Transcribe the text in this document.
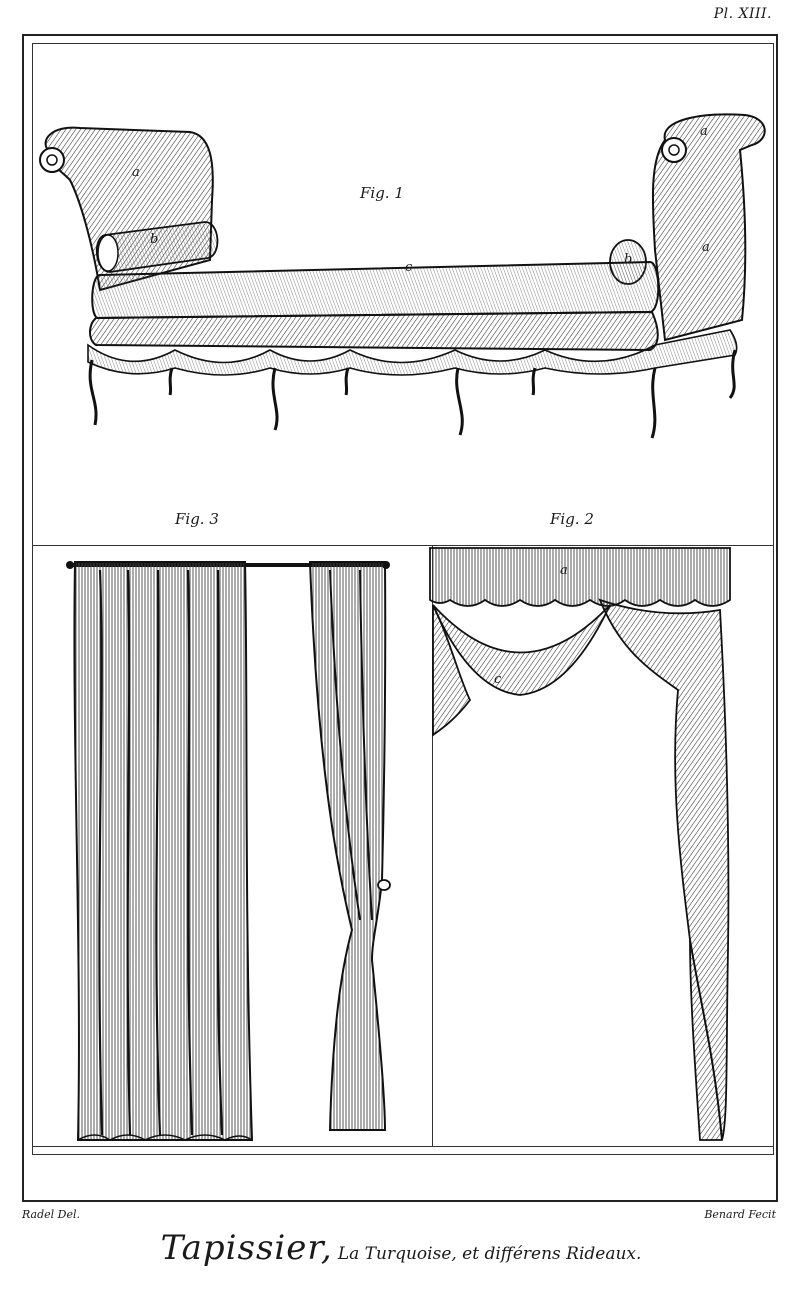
Pl. XIII.
Fig. 1
a
b
c
b
a
a
Fig. 3	Fig. 2
a
c
Radel Del.	Benard Fecit
Tapissier, La Turquoise, et différens Rideaux.
